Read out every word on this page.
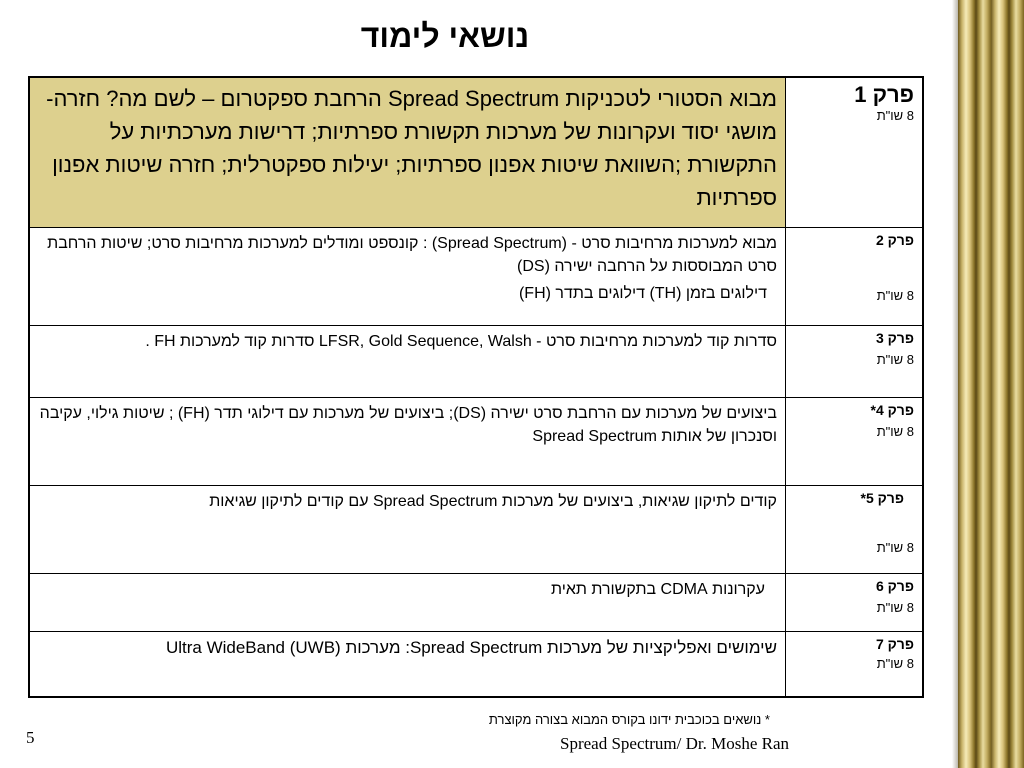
נושאי לימוד
פרק 1
8 שו"ת	מבוא הסטורי לטכניקות Spread Spectrum הרחבת ספקטרום – לשם מה? חזרה- מושגי יסוד ועקרונות של מערכות תקשורת ספרתיות; דרישות מערכתיות על התקשורת ;השוואת שיטות אפנון ספרתיות; יעילות ספקטרלית; חזרה שיטות אפנון ספרתיות

פרק 2
8 שו"ת	מבוא למערכות מרחיבות סרט - (Spread Spectrum) : קונספט ומודלים למערכות מרחיבות סרט; שיטות הרחבת סרט המבוססות על הרחבה ישירה (DS)
דילוגים בזמן (TH) דילוגים בתדר (FH)

פרק 3
8 שו"ת	סדרות קוד למערכות מרחיבות סרט - LFSR, Gold Sequence, Walsh סדרות קוד למערכות FH .

פרק 4*
8 שו"ת	ביצועים של מערכות עם הרחבת סרט ישירה (DS); ביצועים של מערכות עם דילוגי תדר (FH) ; שיטות גילוי, עקיבה וסנכרון של אותות Spread Spectrum

פרק 5*
8 שו"ת	קודים לתיקון שגיאות, ביצועים של מערכות Spread Spectrum עם קודים לתיקון שגיאות

פרק 6
8 שו"ת	עקרונות CDMA בתקשורת תאית

פרק 7
8 שו"ת	שימושים ואפליקציות של מערכות Spread Spectrum: מערכות Ultra WideBand (UWB)
* נושאים בכוכבית ידונו בקורס המבוא בצורה מקוצרת
Spread Spectrum/ Dr. Moshe Ran
5
